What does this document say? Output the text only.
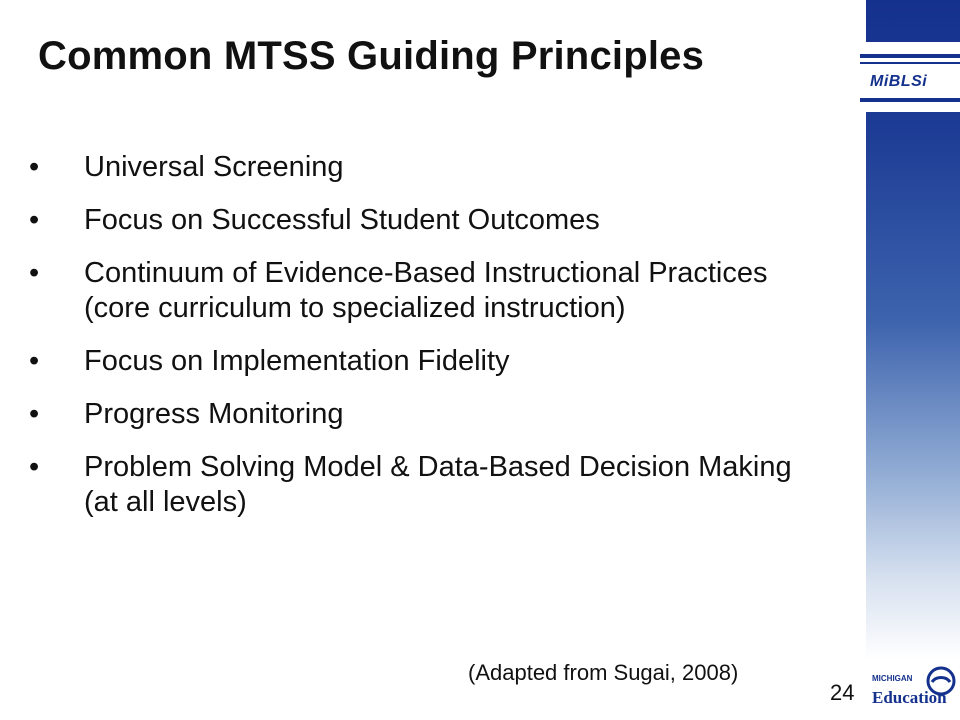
MiBLSi
Common MTSS Guiding Principles
• Universal Screening
• Focus on Successful Student Outcomes
• Continuum of Evidence-Based Instructional Practices (core curriculum to specialized instruction)
• Focus on Implementation Fidelity
• Progress Monitoring
• Problem Solving Model & Data-Based Decision Making (at all levels)
(Adapted from Sugai, 2008)
24
MICHIGAN
Education
